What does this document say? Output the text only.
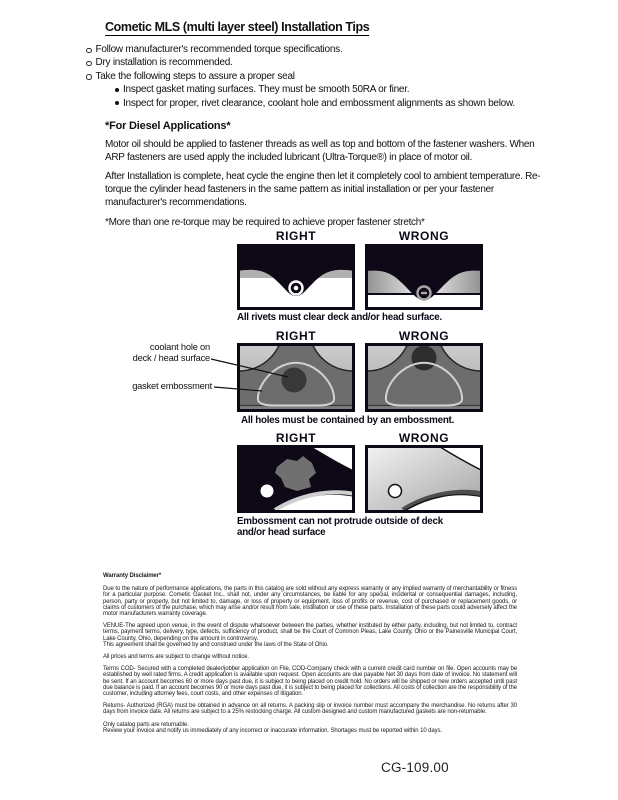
Cometic MLS (multi layer steel) Installation Tips
Follow manufacturer's recommended torque specifications.
Dry installation is recommended.
Take the following steps to assure a proper seal
Inspect gasket mating surfaces. They must be smooth 50RA or finer.
Inspect for proper, rivet clearance, coolant hole and embossment alignments as shown below.
*For Diesel Applications*
Motor oil should be applied to fastener threads as well as top and bottom of the fastener washers. When ARP fasteners are used apply the included lubricant (Ultra-Torque®) in place of motor oil.
After Installation is complete, heat cycle the engine then let it completely cool to ambient temperature. Re-torque the cylinder head fasteners in the same pattern as initial installation or per your fastener manufacturer's recommendations.
*More than one re-torque may be required to achieve proper fastener stretch*
RIGHT	WRONG
All rivets must clear deck and/or head surface.
RIGHT	WRONG
coolant hole on
deck / head surface
gasket embossment
All holes must be contained by an embossment.
RIGHT	WRONG
Embossment can not protrude outside of deck
and/or head surface
Warranty Disclaimer*

Due to the nature of performance applications, the parts in this catalog are sold without any express warranty or any implied warranty of merchantability or fitness for a particular purpose. Cometic Gasket Inc., shall not, under any circumstances, be liable for any special, incidental or consequential damages, including, person, party or property, but not limited to, damage, or loss of property or equipment, loss of profits or revenue, cost of purchased or replacement goods, or claims of customers of the purchase, which may arise and/or result from sale, instillation or use of these parts. Installation of these parts could adversely affect the motor manufacturers warranty coverage.

VENUE-The agreed upon venue, in the event of dispute whatsoever between the parties, whether instituted by either party, including, but not limited to, contract terms, payment terms, delivery, type, defects, sufficiency of product, shall be the Court of Common Pleas, Lake County, Ohio or the Painesville Municipal Court, Lake County, Ohio, depending on the amount in controversy.

This agreement shall be governed by and construed under the laws of the State of Ohio.

All prices and terms are subject to change without notice.

Terms COD- Secured with a completed dealer/jobber application on File, COD-Company check with a current credit card number on file. Open accounts may be established by well rated firms. A credit application is available upon request. Open accounts are due payable Net 30 days from date of invoice. No statement will be sent. If an account becomes 60 or more days past due, it is subject to being placed on credit hold. No orders will be shipped or new orders accepted until past due balance is paid. If an account becomes 90 or more days past due, it is subject to being placed for collections. All costs of collection are the responsibility of the customer, including attorney fees, court costs, and other expenses of litigation.

Returns- Authorized (RGA) must be obtained in advance on all returns. A packing slip or invoice number must accompany the merchandise. No returns after 30 days from invoice date. All returns are subject to a 25% restocking charge. All custom designed and custom manufactured gaskets are non-returnable.

Only catalog parts are returnable.

Review your invoice and notify us immediately of any incorrect or inaccurate information. Shortages must be reported within 10 days.

CG-109.00
